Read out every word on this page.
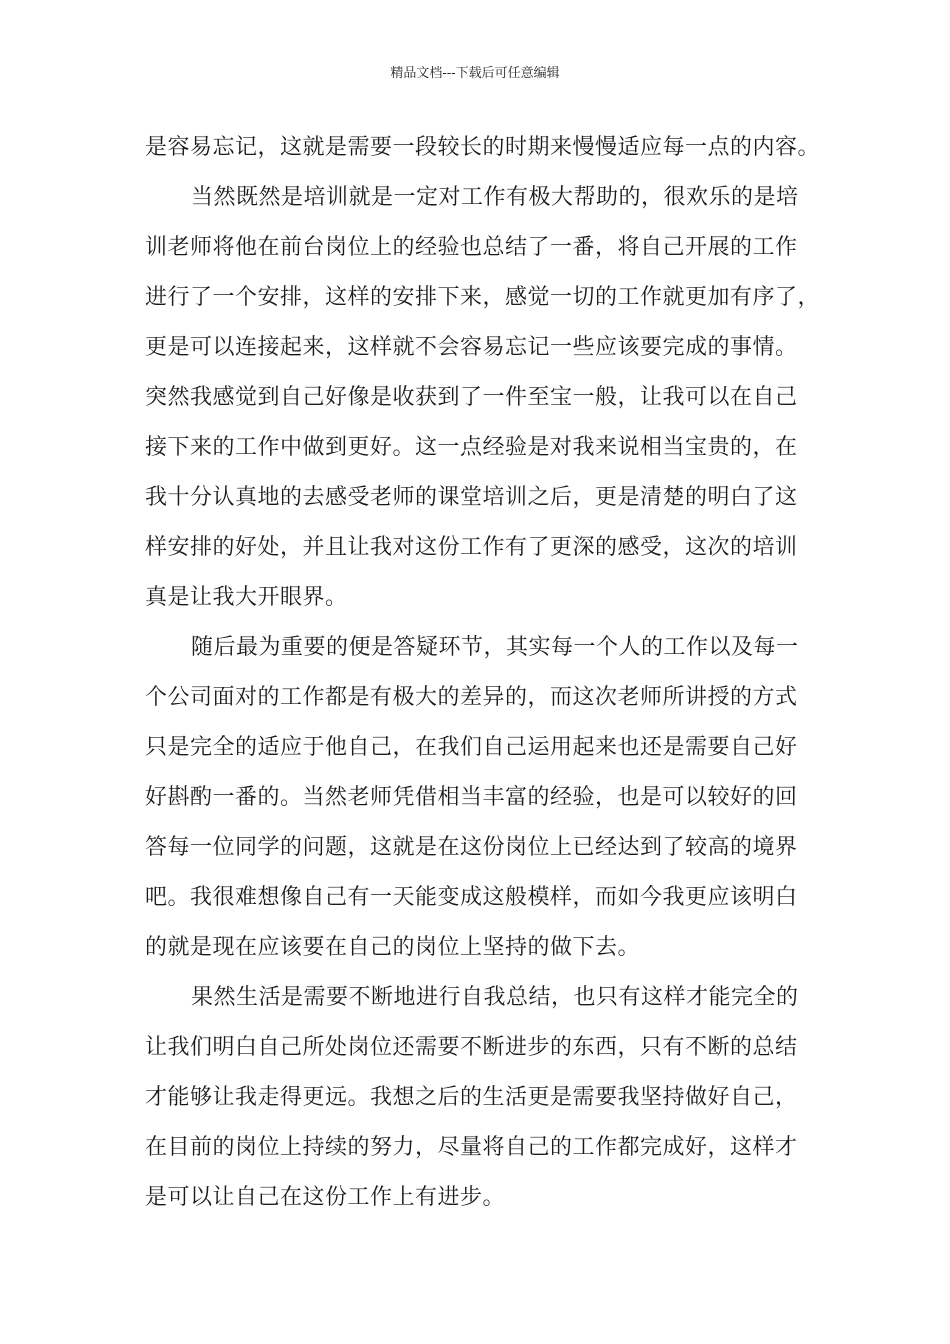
精品文档---下载后可任意编辑
是容易忘记，这就是需要一段较长的时期来慢慢适应每一点的内容。
当然既然是培训就是一定对工作有极大帮助的，很欢乐的是培
训老师将他在前台岗位上的经验也总结了一番，将自己开展的工作
进行了一个安排，这样的安排下来，感觉一切的工作就更加有序了，
更是可以连接起来，这样就不会容易忘记一些应该要完成的事情。
突然我感觉到自己好像是收获到了一件至宝一般，让我可以在自己
接下来的工作中做到更好。这一点经验是对我来说相当宝贵的，在
我十分认真地的去感受老师的课堂培训之后，更是清楚的明白了这
样安排的好处，并且让我对这份工作有了更深的感受，这次的培训
真是让我大开眼界。
随后最为重要的便是答疑环节，其实每一个人的工作以及每一
个公司面对的工作都是有极大的差异的，而这次老师所讲授的方式
只是完全的适应于他自己，在我们自己运用起来也还是需要自己好
好斟酌一番的。当然老师凭借相当丰富的经验，也是可以较好的回
答每一位同学的问题，这就是在这份岗位上已经达到了较高的境界
吧。我很难想像自己有一天能变成这般模样，而如今我更应该明白
的就是现在应该要在自己的岗位上坚持的做下去。
果然生活是需要不断地进行自我总结，也只有这样才能完全的
让我们明白自己所处岗位还需要不断进步的东西，只有不断的总结
才能够让我走得更远。我想之后的生活更是需要我坚持做好自己，
在目前的岗位上持续的努力，尽量将自己的工作都完成好，这样才
是可以让自己在这份工作上有进步。
